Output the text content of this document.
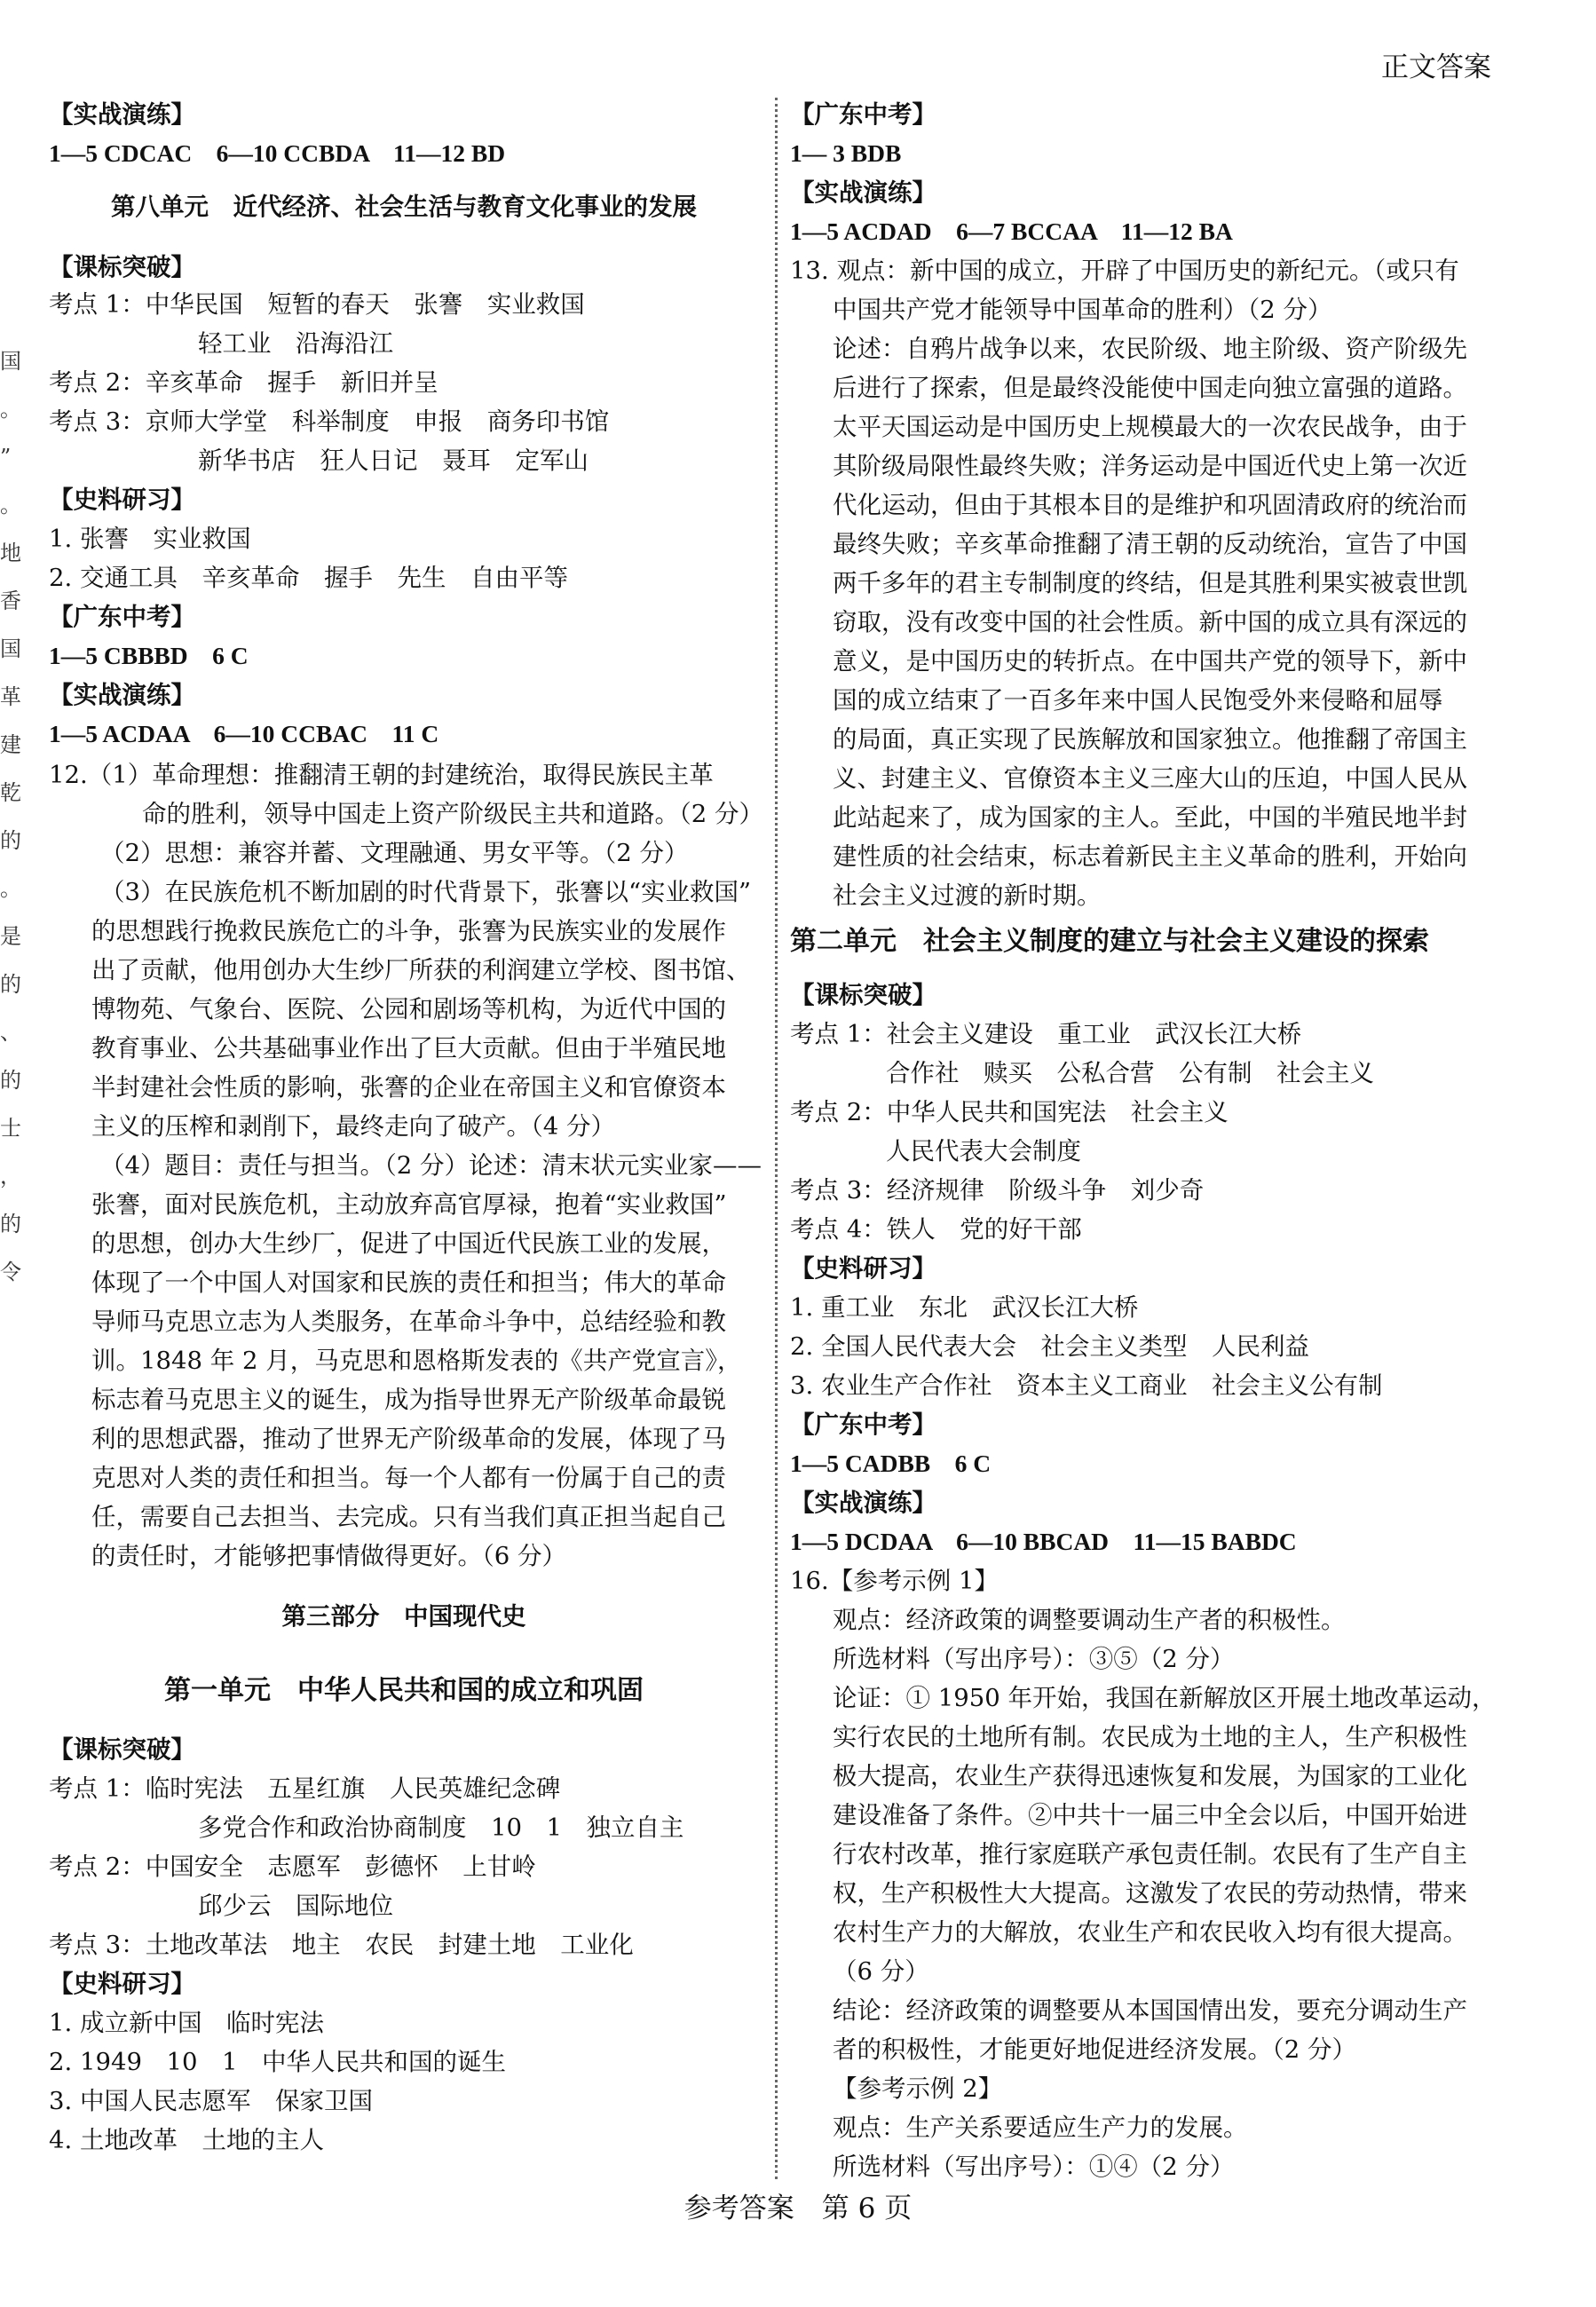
正文答案
国
。
”
。
地
香
国
革
建
乾
的
。
是
的
、
的
士
，
的
令
【实战演练】
1—5 CDCAC　6—10 CCBDA　11—12 BD
第八单元　近代经济、社会生活与教育文化事业的发展
【课标突破】
考点 1：中华民国　短暂的春天　张謇　实业救国
轻工业　沿海沿江
考点 2：辛亥革命　握手　新旧并呈
考点 3：京师大学堂　科举制度　申报　商务印书馆
新华书店　狂人日记　聂耳　定军山
【史料研习】
1. 张謇　实业救国
2. 交通工具　辛亥革命　握手　先生　自由平等
【广东中考】
1—5 CBBBD　6 C
【实战演练】
1—5 ACDAA　6—10 CCBAC　11 C
12.（1）革命理想：推翻清王朝的封建统治，取得民族民主革
命的胜利，领导中国走上资产阶级民主共和道路。（2 分）
（2）思想：兼容并蓄、文理融通、男女平等。（2 分）
（3）在民族危机不断加剧的时代背景下，张謇以“实业救国”
的思想践行挽救民族危亡的斗争，张謇为民族实业的发展作
出了贡献，他用创办大生纱厂所获的利润建立学校、图书馆、
博物苑、气象台、医院、公园和剧场等机构，为近代中国的
教育事业、公共基础事业作出了巨大贡献。但由于半殖民地
半封建社会性质的影响，张謇的企业在帝国主义和官僚资本
主义的压榨和剥削下，最终走向了破产。（4 分）
（4）题目：责任与担当。（2 分）论述：清末状元实业家——
张謇，面对民族危机，主动放弃高官厚禄，抱着“实业救国”
的思想，创办大生纱厂，促进了中国近代民族工业的发展，
体现了一个中国人对国家和民族的责任和担当；伟大的革命
导师马克思立志为人类服务，在革命斗争中，总结经验和教
训。1848 年 2 月，马克思和恩格斯发表的《共产党宣言》，
标志着马克思主义的诞生，成为指导世界无产阶级革命最锐
利的思想武器，推动了世界无产阶级革命的发展，体现了马
克思对人类的责任和担当。每一个人都有一份属于自己的责
任，需要自己去担当、去完成。只有当我们真正担当起自己
的责任时，才能够把事情做得更好。（6 分）
第三部分　中国现代史
第一单元　中华人民共和国的成立和巩固
【课标突破】
考点 1：临时宪法　五星红旗　人民英雄纪念碑
多党合作和政治协商制度　10　1　独立自主
考点 2：中国安全　志愿军　彭德怀　上甘岭
邱少云　国际地位
考点 3：土地改革法　地主　农民　封建土地　工业化
【史料研习】
1. 成立新中国　临时宪法
2. 1949　10　1　中华人民共和国的诞生
3. 中国人民志愿军　保家卫国
4. 土地改革　土地的主人
【广东中考】
1— 3 BDB
【实战演练】
1—5 ACDAD　6—7 BCCAA　11—12 BA
13. 观点：新中国的成立，开辟了中国历史的新纪元。（或只有
中国共产党才能领导中国革命的胜利）（2 分）
论述：自鸦片战争以来，农民阶级、地主阶级、资产阶级先
后进行了探索，但是最终没能使中国走向独立富强的道路。
太平天国运动是中国历史上规模最大的一次农民战争，由于
其阶级局限性最终失败；洋务运动是中国近代史上第一次近
代化运动，但由于其根本目的是维护和巩固清政府的统治而
最终失败；辛亥革命推翻了清王朝的反动统治，宣告了中国
两千多年的君主专制制度的终结，但是其胜利果实被袁世凯
窃取，没有改变中国的社会性质。新中国的成立具有深远的
意义，是中国历史的转折点。在中国共产党的领导下，新中
国的成立结束了一百多年来中国人民饱受外来侵略和屈辱
的局面，真正实现了民族解放和国家独立。他推翻了帝国主
义、封建主义、官僚资本主义三座大山的压迫，中国人民从
此站起来了，成为国家的主人。至此，中国的半殖民地半封
建性质的社会结束，标志着新民主主义革命的胜利，开始向
社会主义过渡的新时期。
第二单元　社会主义制度的建立与社会主义建设的探索
【课标突破】
考点 1：社会主义建设　重工业　武汉长江大桥
合作社　赎买　公私合营　公有制　社会主义
考点 2：中华人民共和国宪法　社会主义
人民代表大会制度
考点 3：经济规律　阶级斗争　刘少奇
考点 4：铁人　党的好干部
【史料研习】
1. 重工业　东北　武汉长江大桥
2. 全国人民代表大会　社会主义类型　人民利益
3. 农业生产合作社　资本主义工商业　社会主义公有制
【广东中考】
1—5 CADBB　6 C
【实战演练】
1—5 DCDAA　6—10 BBCAD　11—15 BABDC
16.【参考示例 1】
观点：经济政策的调整要调动生产者的积极性。
所选材料（写出序号）：③⑤（2 分）
论证：① 1950 年开始，我国在新解放区开展土地改革运动，
实行农民的土地所有制。农民成为土地的主人，生产积极性
极大提高，农业生产获得迅速恢复和发展，为国家的工业化
建设准备了条件。②中共十一届三中全会以后，中国开始进
行农村改革，推行家庭联产承包责任制。农民有了生产自主
权，生产积极性大大提高。这激发了农民的劳动热情，带来
农村生产力的大解放，农业生产和农民收入均有很大提高。
（6 分）
结论：经济政策的调整要从本国国情出发，要充分调动生产
者的积极性，才能更好地促进经济发展。（2 分）
【参考示例 2】
观点：生产关系要适应生产力的发展。
所选材料（写出序号）：①④（2 分）
参考答案　第 6 页
